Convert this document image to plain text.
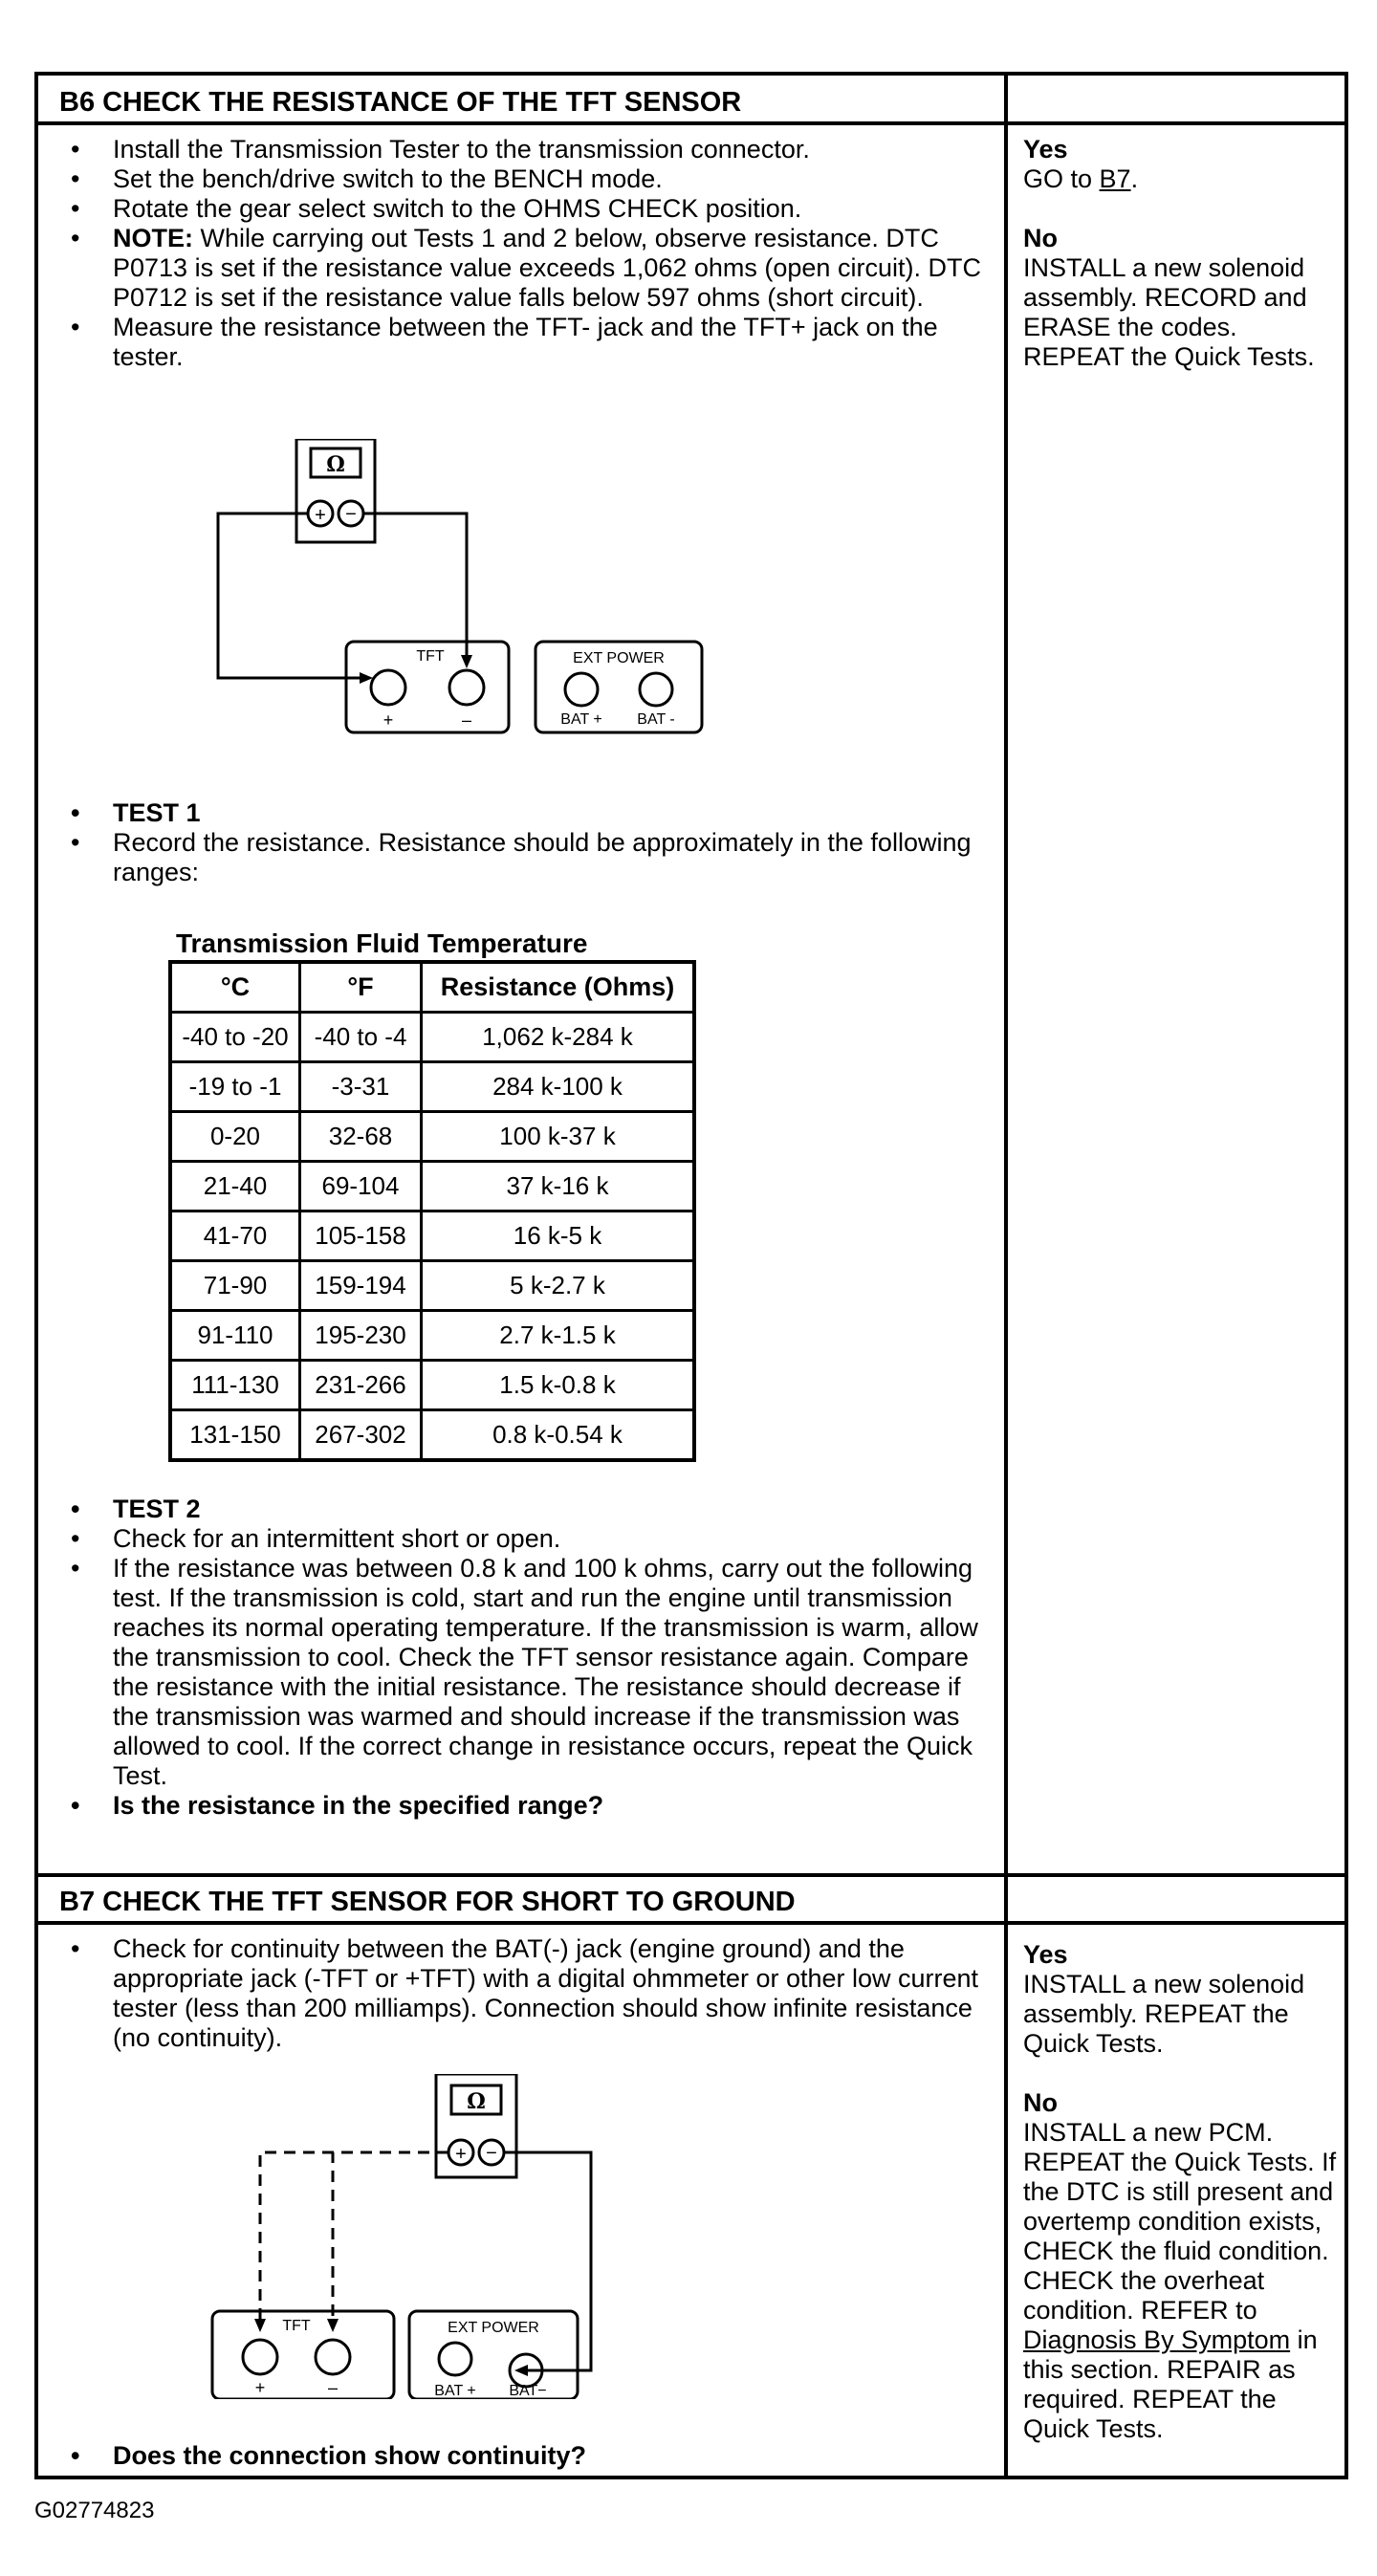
B6 CHECK THE RESISTANCE OF THE TFT SENSOR
• Install the Transmission Tester to the transmission connector.
• Set the bench/drive switch to the BENCH mode.
• Rotate the gear select switch to the OHMS CHECK position.
• NOTE: While carrying out Tests 1 and 2 below, observe resistance. DTC P0713 is set if the resistance value exceeds 1,062 ohms (open circuit). DTC P0712 is set if the resistance value falls below 597 ohms (short circuit).
• Measure the resistance between the TFT- jack and the TFT+ jack on the tester.
Ω
+ −
TFT
+	–
EXT POWER
BAT + BAT -
• TEST 1
• Record the resistance. Resistance should be approximately in the following ranges:
Transmission Fluid Temperature
°C	°F	Resistance (Ohms)
-40 to -20	-40 to -4	1,062 k-284 k
-19 to -1	-3-31	284 k-100 k
0-20	32-68	100 k-37 k
21-40	69-104	37 k-16 k
41-70	105-158	16 k-5 k
71-90	159-194	5 k-2.7 k
91-110	195-230	2.7 k-1.5 k
111-130	231-266	1.5 k-0.8 k
131-150	267-302	0.8 k-0.54 k
• TEST 2
• Check for an intermittent short or open.
• If the resistance was between 0.8 k and 100 k ohms, carry out the following test. If the transmission is cold, start and run the engine until transmission reaches its normal operating temperature. If the transmission is warm, allow the transmission to cool. Check the TFT sensor resistance again. Compare the resistance with the initial resistance. The resistance should decrease if the transmission was warmed and should increase if the transmission was allowed to cool. If the correct change in resistance occurs, repeat the Quick Test.
• Is the resistance in the specified range?

Yes

GO to B7.

No

INSTALL a new solenoid assembly. RECORD and ERASE the codes. REPEAT the Quick Tests.

B7 CHECK THE TFT SENSOR FOR SHORT TO GROUND
• Check for continuity between the BAT(-) jack (engine ground) and the appropriate jack (-TFT or +TFT) with a digital ohmmeter or other low current tester (less than 200 milliamps). Connection should show infinite resistance (no continuity).
Ω
+ −
TFT
+	–
EXT POWER
BAT + BAT−
• Does the connection show continuity?

Yes

INSTALL a new solenoid assembly. REPEAT the Quick Tests.

No

INSTALL a new PCM. REPEAT the Quick Tests. If the DTC is still present and overtemp condition exists, CHECK the fluid condition. CHECK the overheat condition. REFER to Diagnosis By Symptom in this section. REPAIR as required. REPEAT the Quick Tests.

G02774823
